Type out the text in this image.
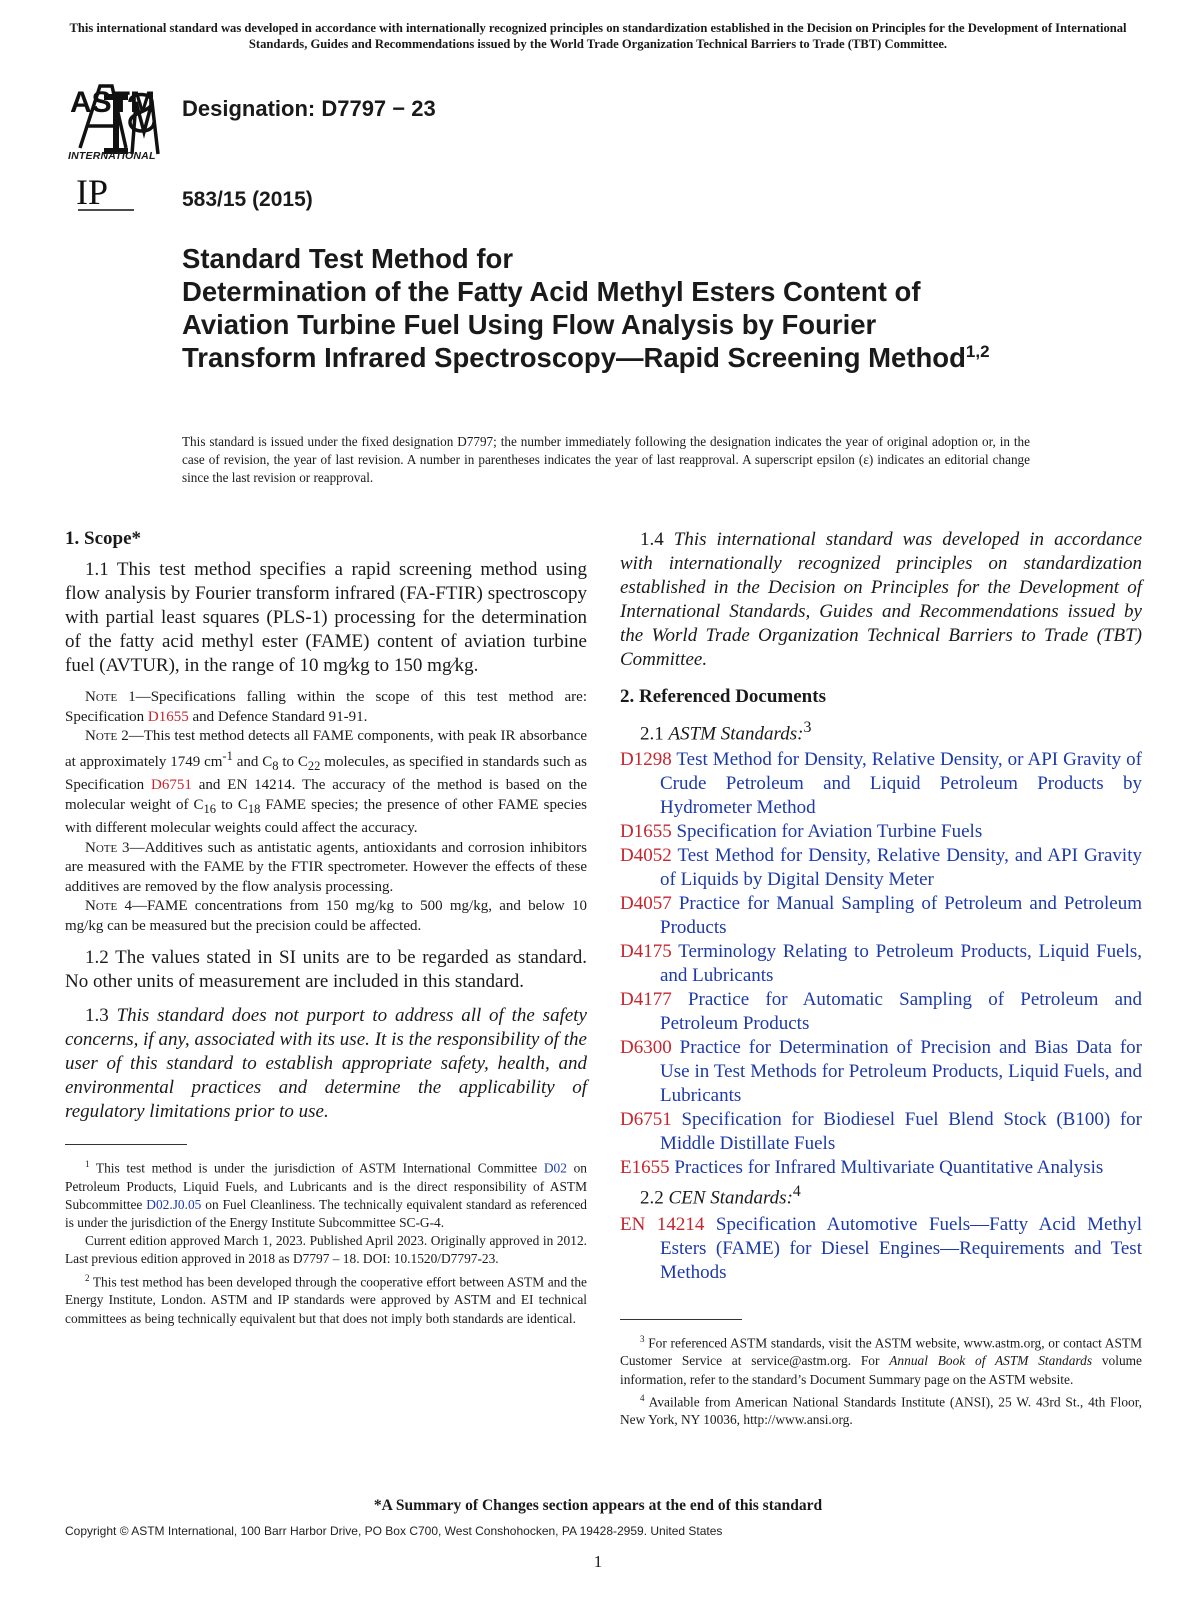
This international standard was developed in accordance with internationally recognized principles on standardization established in the Decision on Principles for the Development of International Standards, Guides and Recommendations issued by the World Trade Organization Technical Barriers to Trade (TBT) Committee.
ASTM
INTERNATIONAL
Designation: D7797 − 23
IP	583/15 (2015)
Standard Test Method for
Determination of the Fatty Acid Methyl Esters Content of Aviation Turbine Fuel Using Flow Analysis by Fourier Transform Infrared Spectroscopy—Rapid Screening Method$^{1,2}$
This standard is issued under the fixed designation D7797; the number immediately following the designation indicates the year of original adoption or, in the case of revision, the year of last revision. A number in parentheses indicates the year of last reapproval. A superscript epsilon (ε) indicates an editorial change since the last revision or reapproval.
1. Scope*

1.1 This test method specifies a rapid screening method using flow analysis by Fourier transform infrared (FA-FTIR) spectroscopy with partial least squares (PLS-1) processing for the determination of the fatty acid methyl ester (FAME) content of aviation turbine fuel (AVTUR), in the range of 10 mg⁄kg to 150 mg⁄kg.

Note 1—Specifications falling within the scope of this test method are: Specification D1655 and Defence Standard 91-91.

Note 2—This test method detects all FAME components, with peak IR absorbance at approximately 1749 $cm^{-1}$ and $C_8$ to $C_{22}$ molecules, as specified in standards such as Specification D6751 and EN 14214. The accuracy of the method is based on the molecular weight of $C_{16}$ to $C_{18}$ FAME species; the presence of other FAME species with different molecular weights could affect the accuracy.

Note 3—Additives such as antistatic agents, antioxidants and corrosion inhibitors are measured with the FAME by the FTIR spectrometer. However the effects of these additives are removed by the flow analysis processing.

Note 4—FAME concentrations from 150 mg/kg to 500 mg/kg, and below 10 mg/kg can be measured but the precision could be affected.

1.2 The values stated in SI units are to be regarded as standard. No other units of measurement are included in this standard.

1.3 This standard does not purport to address all of the safety concerns, if any, associated with its use. It is the responsibility of the user of this standard to establish appropriate safety, health, and environmental practices and determine the applicability of regulatory limitations prior to use.

$^1$ This test method is under the jurisdiction of ASTM International Committee D02 on Petroleum Products, Liquid Fuels, and Lubricants and is the direct responsibility of ASTM Subcommittee D02.J0.05 on Fuel Cleanliness. The technically equivalent standard as referenced is under the jurisdiction of the Energy Institute Subcommittee SC-G-4.

Current edition approved March 1, 2023. Published April 2023. Originally approved in 2012. Last previous edition approved in 2018 as D7797 – 18. DOI: 10.1520/D7797-23.

$^2$ This test method has been developed through the cooperative effort between ASTM and the Energy Institute, London. ASTM and IP standards were approved by ASTM and EI technical committees as being technically equivalent but that does not imply both standards are identical.

1.4 This international standard was developed in accordance with internationally recognized principles on standardization established in the Decision on Principles for the Development of International Standards, Guides and Recommendations issued by the World Trade Organization Technical Barriers to Trade (TBT) Committee.

2. Referenced Documents

2.1 ASTM Standards:$^3$

D1298 Test Method for Density, Relative Density, or API Gravity of Crude Petroleum and Liquid Petroleum Products by Hydrometer Method

D1655 Specification for Aviation Turbine Fuels

D4052 Test Method for Density, Relative Density, and API Gravity of Liquids by Digital Density Meter

D4057 Practice for Manual Sampling of Petroleum and Petroleum Products

D4175 Terminology Relating to Petroleum Products, Liquid Fuels, and Lubricants

D4177 Practice for Automatic Sampling of Petroleum and Petroleum Products

D6300 Practice for Determination of Precision and Bias Data for Use in Test Methods for Petroleum Products, Liquid Fuels, and Lubricants

D6751 Specification for Biodiesel Fuel Blend Stock (B100) for Middle Distillate Fuels

E1655 Practices for Infrared Multivariate Quantitative Analysis

2.2 CEN Standards:$^4$

EN 14214 Specification Automotive Fuels—Fatty Acid Methyl Esters (FAME) for Diesel Engines—Requirements and Test Methods

$^3$ For referenced ASTM standards, visit the ASTM website, www.astm.org, or contact ASTM Customer Service at service@astm.org. For Annual Book of ASTM Standards volume information, refer to the standard’s Document Summary page on the ASTM website.

$^4$ Available from American National Standards Institute (ANSI), 25 W. 43rd St., 4th Floor, New York, NY 10036, http://www.ansi.org.

*A Summary of Changes section appears at the end of this standard
Copyright © ASTM International, 100 Barr Harbor Drive, PO Box C700, West Conshohocken, PA 19428-2959. United States
1
